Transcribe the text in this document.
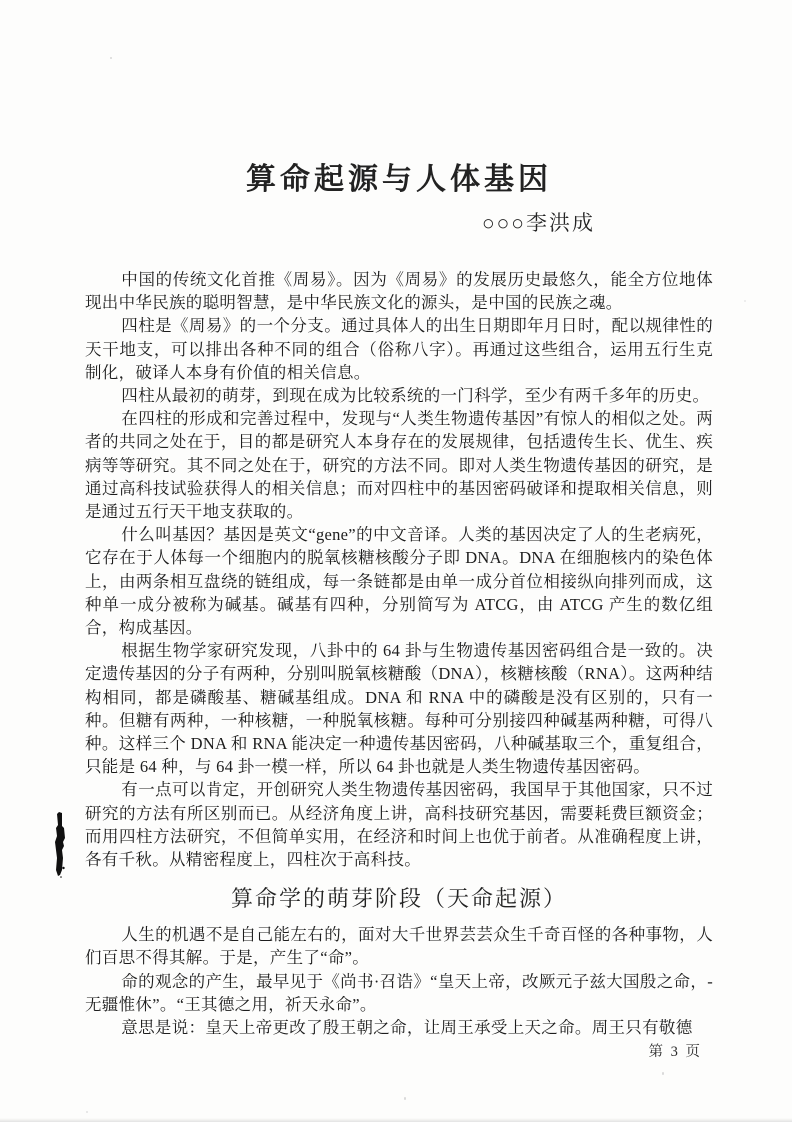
算命起源与人体基因
○○○李洪成

中国的传统文化首推《周易》。因为《周易》的发展历史最悠久，能全方位地体现出中华民族的聪明智慧，是中华民族文化的源头，是中国的民族之魂。

四柱是《周易》的一个分支。通过具体人的出生日期即年月日时，配以规律性的天干地支，可以排出各种不同的组合（俗称八字）。再通过这些组合，运用五行生克制化，破译人本身有价值的相关信息。

四柱从最初的萌芽，到现在成为比较系统的一门科学，至少有两千多年的历史。

在四柱的形成和完善过程中，发现与“人类生物遗传基因”有惊人的相似之处。两者的共同之处在于，目的都是研究人本身存在的发展规律，包括遗传生长、优生、疾病等等研究。其不同之处在于，研究的方法不同。即对人类生物遗传基因的研究，是通过高科技试验获得人的相关信息；而对四柱中的基因密码破译和提取相关信息，则是通过五行天干地支获取的。

什么叫基因？基因是英文“gene”的中文音译。人类的基因决定了人的生老病死，它存在于人体每一个细胞内的脱氧核糖核酸分子即 DNA。DNA 在细胞核内的染色体上，由两条相互盘绕的链组成，每一条链都是由单一成分首位相接纵向排列而成，这种单一成分被称为碱基。碱基有四种，分别简写为 ATCG，由 ATCG 产生的数亿组合，构成基因。

根据生物学家研究发现，八卦中的 64 卦与生物遗传基因密码组合是一致的。决定遗传基因的分子有两种，分别叫脱氧核糖酸（DNA），核糖核酸（RNA）。这两种结构相同，都是磷酸基、糖碱基组成。DNA 和 RNA 中的磷酸是没有区别的，只有一种。但糖有两种，一种核糖，一种脱氧核糖。每种可分别接四种碱基两种糖，可得八种。这样三个 DNA 和 RNA 能决定一种遗传基因密码，八种碱基取三个，重复组合，只能是 64 种，与 64 卦一模一样，所以 64 卦也就是人类生物遗传基因密码。

有一点可以肯定，开创研究人类生物遗传基因密码，我国早于其他国家，只不过研究的方法有所区别而已。从经济角度上讲，高科技研究基因，需要耗费巨额资金；而用四柱方法研究，不但简单实用，在经济和时间上也优于前者。从准确程度上讲，各有千秋。从精密程度上，四柱次于高科技。

算命学的萌芽阶段（天命起源）

人生的机遇不是自己能左右的，面对大千世界芸芸众生千奇百怪的各种事物，人们百思不得其解。于是，产生了“命”。

命的观念的产生，最早见于《尚书·召诰》“皇天上帝，改厥元子兹大国殷之命，-无疆惟休”。“王其德之用，祈天永命”。

意思是说：皇天上帝更改了殷王朝之命，让周王承受上天之命。周王只有敬德

第 3 页
